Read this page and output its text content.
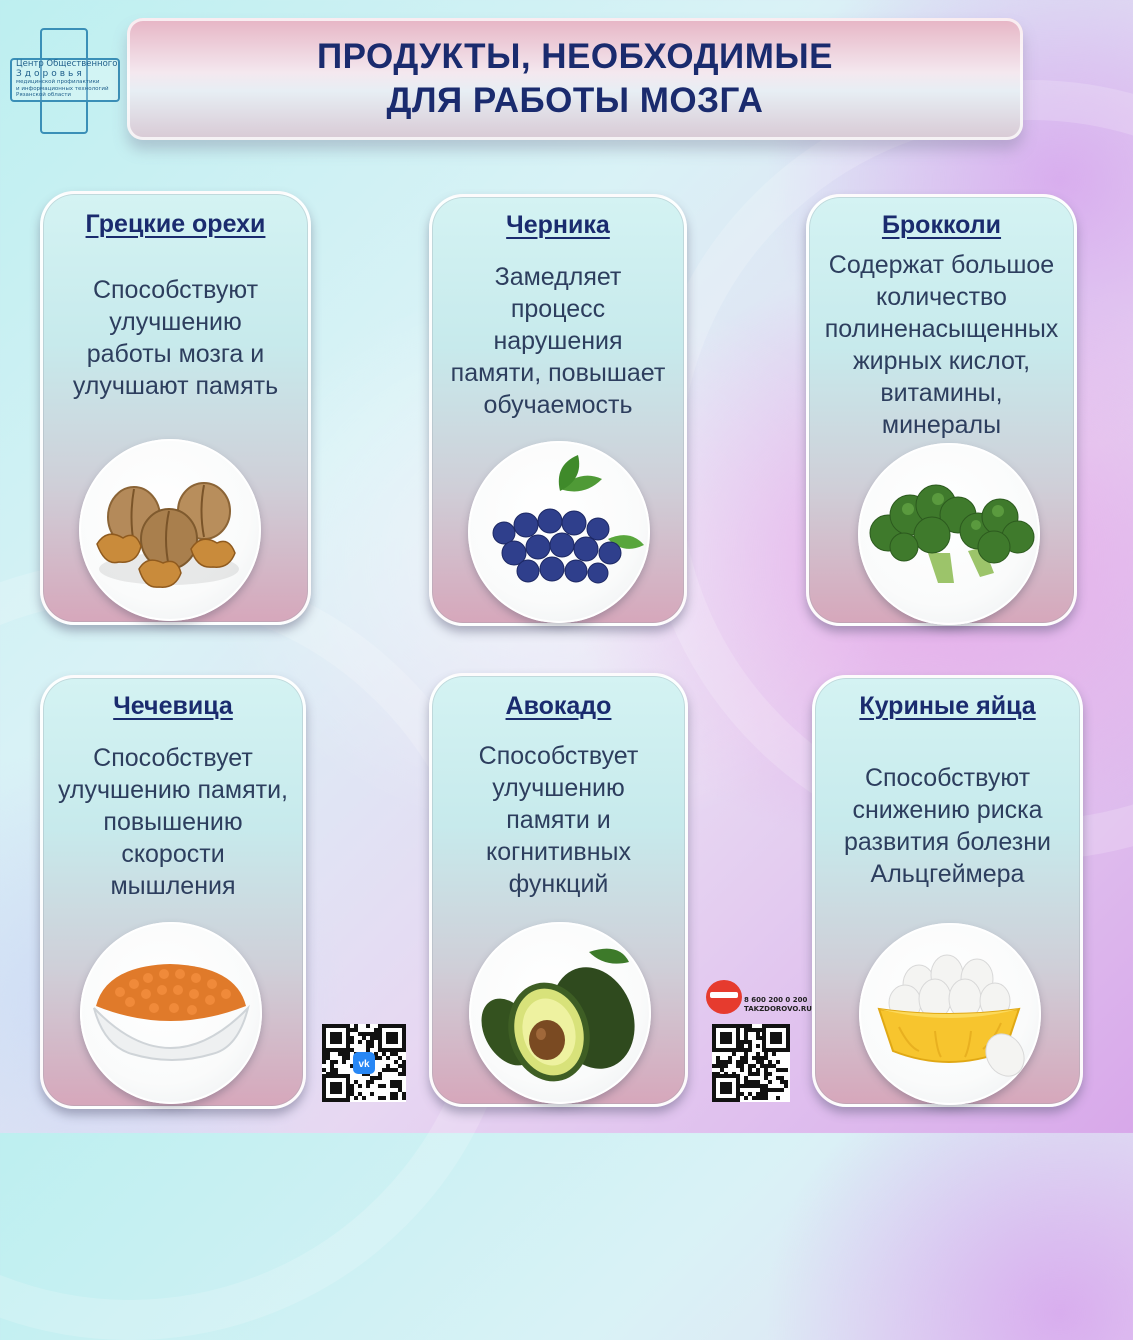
Центр Общественного
Здоровья
медицинской профилактики
и информационных технологий
Рязанской области
ПРОДУКТЫ, НЕОБХОДИМЫЕ
ДЛЯ РАБОТЫ МОЗГА
Грецкие орехи
Способствуют
улучшению
работы мозга и
улучшают память
Черника
Замедляет
процесс
нарушения
памяти, повышает
обучаемость
Брокколи
Содержат большое
количество
полиненасыщенных
жирных кислот,
витамины,
минералы
Чечевица
Способствует
улучшению памяти,
повышению
скорости
мышления
Авокадо
Способствует
улучшению
памяти и
когнитивных
функций
Куриные яйца
Способствуют
снижению риска
развития болезни
Альцгеймера
vk
8 600 200 0 200
TAKZDOROVO.RU
